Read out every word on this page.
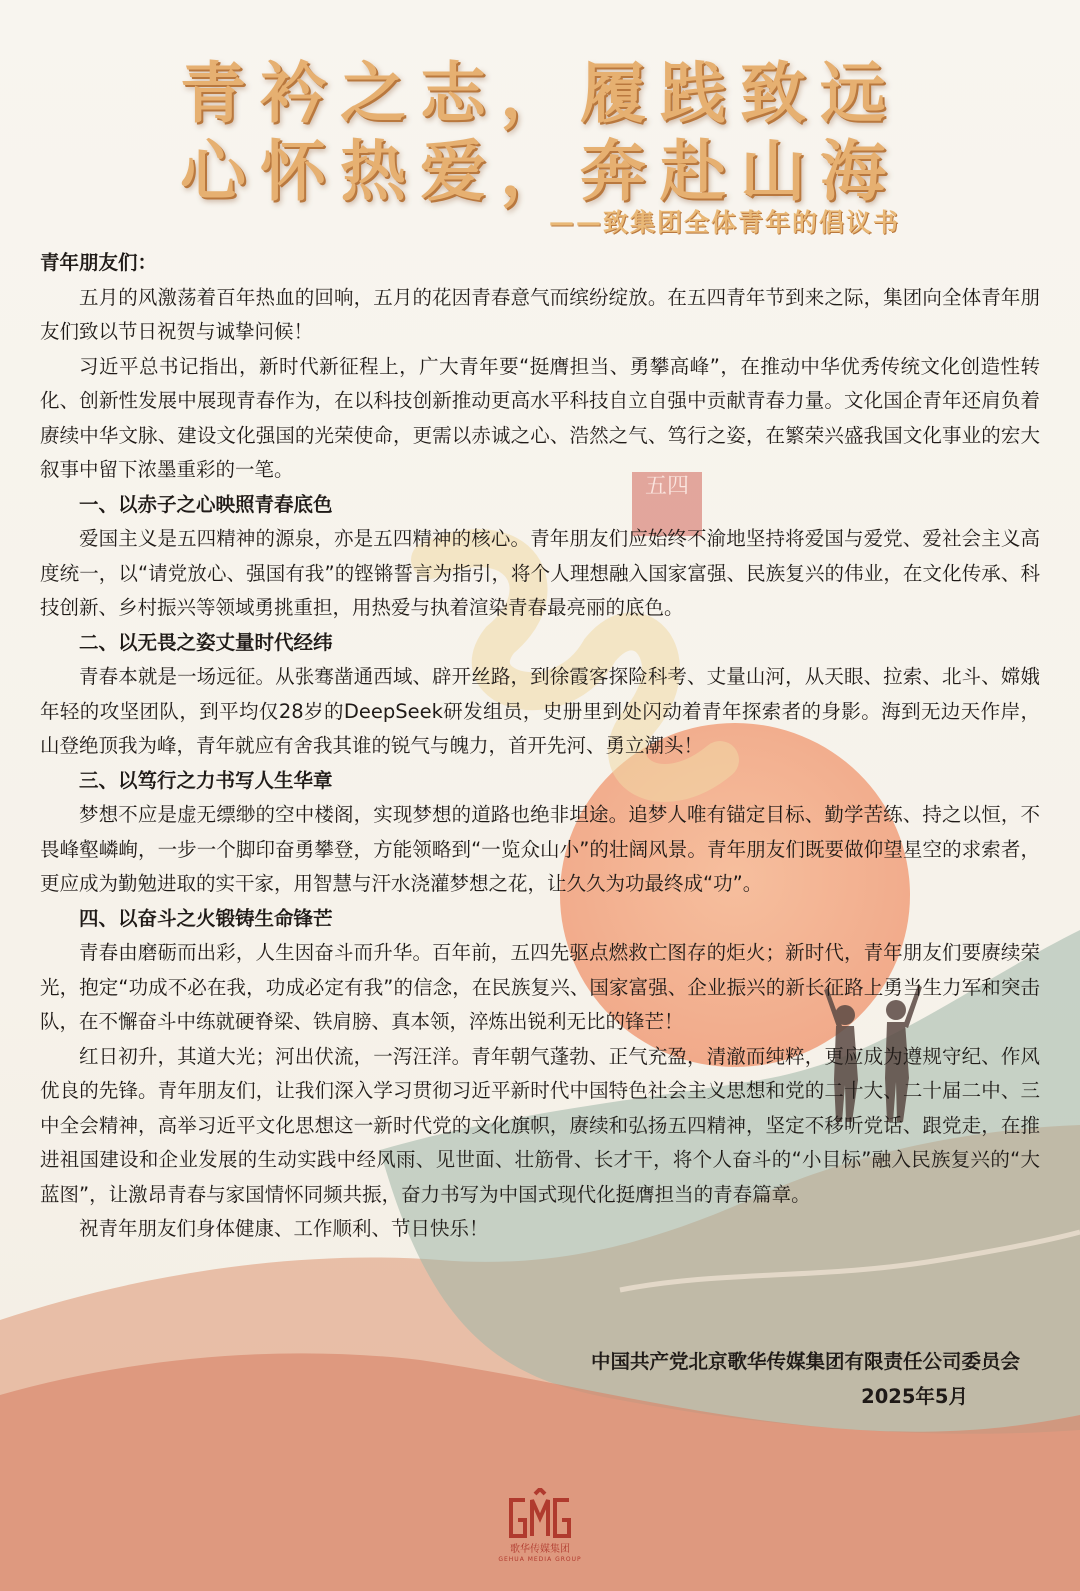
五四
青衿之志，履践致远
心怀热爱，奔赴山海
——致集团全体青年的倡议书

青年朋友们：

五月的风激荡着百年热血的回响，五月的花因青春意气而缤纷绽放。在五四青年节到来之际，集团向全体青年朋友们致以节日祝贺与诚挚问候！

习近平总书记指出，新时代新征程上，广大青年要“挺膺担当、勇攀高峰”，在推动中华优秀传统文化创造性转化、创新性发展中展现青春作为，在以科技创新推动更高水平科技自立自强中贡献青春力量。文化国企青年还肩负着赓续中华文脉、建设文化强国的光荣使命，更需以赤诚之心、浩然之气、笃行之姿，在繁荣兴盛我国文化事业的宏大叙事中留下浓墨重彩的一笔。

一、以赤子之心映照青春底色

爱国主义是五四精神的源泉，亦是五四精神的核心。青年朋友们应始终不渝地坚持将爱国与爱党、爱社会主义高度统一，以“请党放心、强国有我”的铿锵誓言为指引，将个人理想融入国家富强、民族复兴的伟业，在文化传承、科技创新、乡村振兴等领域勇挑重担，用热爱与执着渲染青春最亮丽的底色。

二、以无畏之姿丈量时代经纬

青春本就是一场远征。从张骞凿通西域、辟开丝路，到徐霞客探险科考、丈量山河，从天眼、拉索、北斗、嫦娥年轻的攻坚团队，到平均仅28岁的DeepSeek研发组员，史册里到处闪动着青年探索者的身影。海到无边天作岸，山登绝顶我为峰，青年就应有舍我其谁的锐气与魄力，首开先河、勇立潮头！

三、以笃行之力书写人生华章

梦想不应是虚无缥缈的空中楼阁，实现梦想的道路也绝非坦途。追梦人唯有锚定目标、勤学苦练、持之以恒，不畏峰壑嶙峋，一步一个脚印奋勇攀登，方能领略到“一览众山小”的壮阔风景。青年朋友们既要做仰望星空的求索者，更应成为勤勉进取的实干家，用智慧与汗水浇灌梦想之花，让久久为功最终成“功”。

四、以奋斗之火锻铸生命锋芒

青春由磨砺而出彩，人生因奋斗而升华。百年前，五四先驱点燃救亡图存的炬火；新时代，青年朋友们要赓续荣光，抱定“功成不必在我，功成必定有我”的信念，在民族复兴、国家富强、企业振兴的新长征路上勇当生力军和突击队，在不懈奋斗中练就硬脊梁、铁肩膀、真本领，淬炼出锐利无比的锋芒！

红日初升，其道大光；河出伏流，一泻汪洋。青年朝气蓬勃、正气充盈，清澈而纯粹，更应成为遵规守纪、作风优良的先锋。青年朋友们，让我们深入学习贯彻习近平新时代中国特色社会主义思想和党的二十大、二十届二中、三中全会精神，高举习近平文化思想这一新时代党的文化旗帜，赓续和弘扬五四精神，坚定不移听党话、跟党走，在推进祖国建设和企业发展的生动实践中经风雨、见世面、壮筋骨、长才干，将个人奋斗的“小目标”融入民族复兴的“大蓝图”，让激昂青春与家国情怀同频共振，奋力书写为中国式现代化挺膺担当的青春篇章。

祝青年朋友们身体健康、工作顺利、节日快乐！

中国共产党北京歌华传媒集团有限责任公司委员会
2025年5月
歌华传媒集团
GEHUA MEDIA GROUP
